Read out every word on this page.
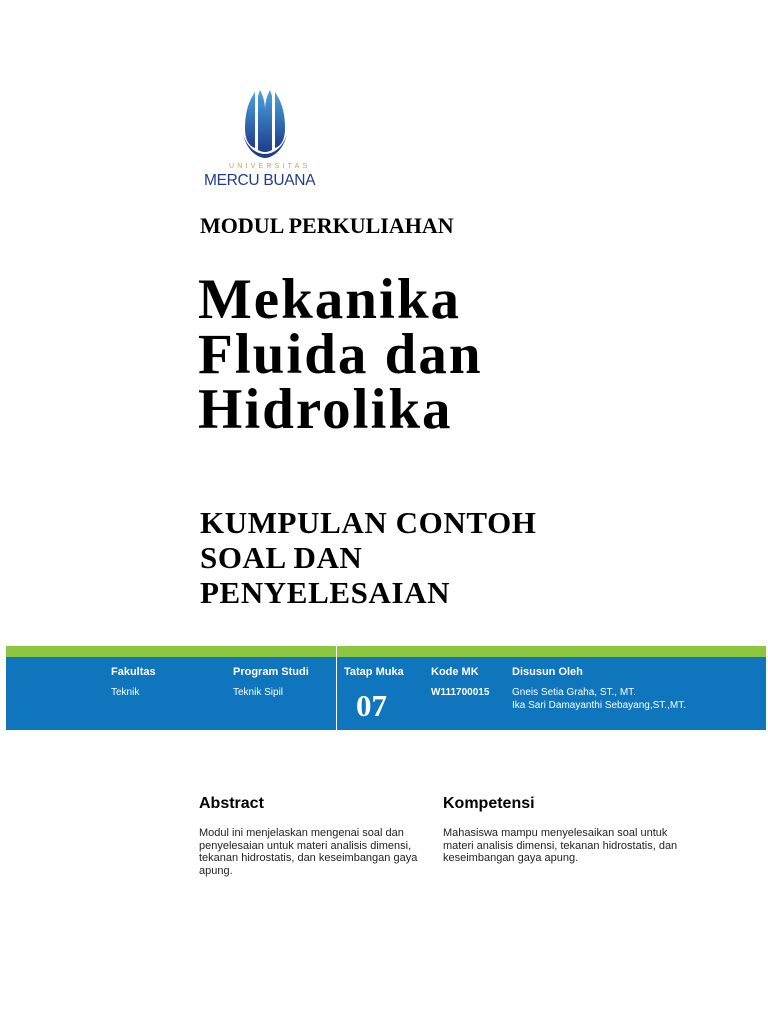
UNIVERSITAS
MERCU BUANA
MODUL PERKULIAHAN
Mekanika
Fluida dan
Hidrolika
KUMPULAN CONTOH
SOAL DAN
PENYELESAIAN
Fakultas
Teknik
Program Studi
Teknik Sipil
Tatap Muka
07
Kode MK
W111700015
Disusun Oleh
Gneis Setia Graha, ST., MT.
Ika Sari Damayanthi Sebayang,ST.,MT.
Abstract
Modul ini menjelaskan mengenai soal dan penyelesaian untuk materi analisis dimensi, tekanan hidrostatis, dan keseimbangan gaya apung.
Kompetensi
Mahasiswa mampu menyelesaikan soal untuk materi analisis dimensi, tekanan hidrostatis, dan keseimbangan gaya apung.
